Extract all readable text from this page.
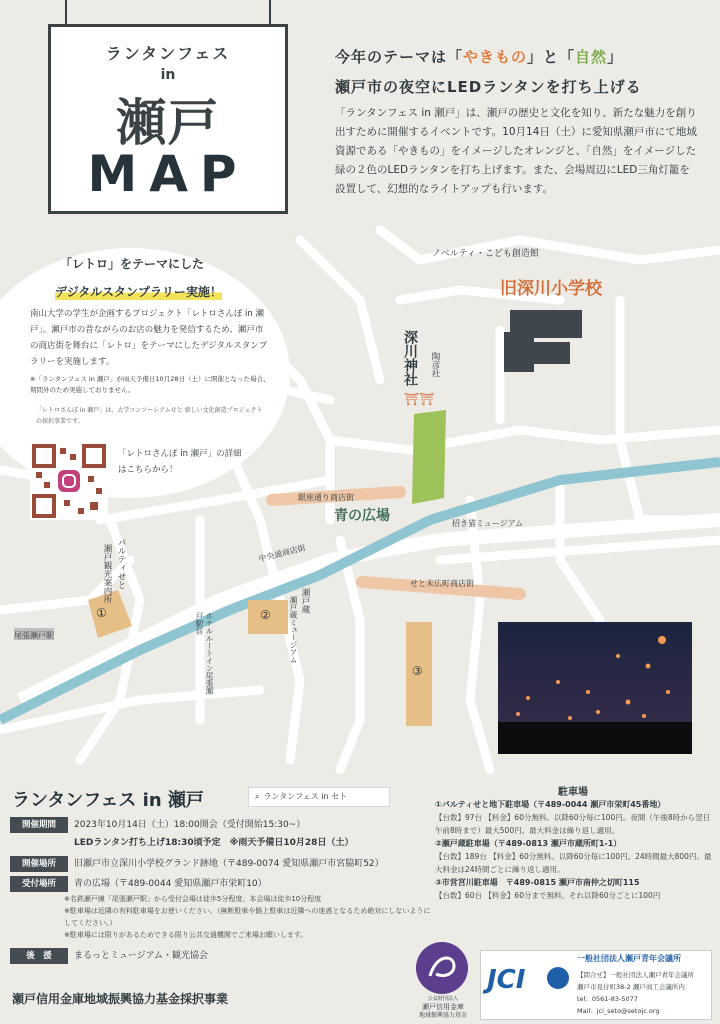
ランタンフェス
in
瀬戸
MAP
今年のテーマは「やきもの」と「自然」
瀬戸市の夜空にLEDランタンを打ち上げる
「ランタンフェス in 瀬戸」は、瀬戸の歴史と文化を知り、新たな魅力を創り出すために開催するイベントです。10月14日（土）に愛知県瀬戸市にて地域資源である「やきもの」をイメージしたオレンジと、「自然」をイメージした緑の２色のLEDランタンを打ち上げます。また、会場周辺にLED三角灯籠を設置して、幻想的なライトアップも行います。
「レトロ」をテーマにした
デジタルスタンプラリー実施！
南山大学の学生が企画するプロジェクト「レトロさんぽ in 瀬戸」。瀬戸市の昔ながらのお店の魅力を発信するため、瀬戸市の商店街を舞台に「レトロ」をテーマにしたデジタルスタンプラリーを実施します。
※「ランタンフェス in 瀬戸」が雨天予備日10月28日（土）に開催となった場合、期間外のため実施しておりません。
「レトロさんぽ in 瀬戸」は、大学コンソーシアムせと 新しい文化創造プロジェクトの採択事業です。
「レトロさんぽ in 瀬戸」の詳細はこちらから！
ノベルティ・こども創造館
旧深川小学校
深川神社 陶彦社
⛩⛩
銀座通り商店街
青の広場	招き猫ミュージアム
中央通商店街
せと末広町商店街
パルティせと
瀬戸観光案内所
尾張瀬戸駅
瀬戸川	ホテルルートイン尾張瀬戸駅前
瀬戸蔵
瀬戸蔵ミュージアム
①	②
③
ランタンフェス in 瀬戸	⌕ ランタンフェス in セト
開催期間	2023年10月14日（土）18:00開会（受付開始15:30~）
LEDランタン打ち上げ18:30頃予定　※雨天予備日10月28日（土）
開催場所	旧瀬戸市立深川小学校グランド跡地（〒489-0074 愛知県瀬戸市宮脇町52）
受付場所	青の広場（〒489-0044 愛知県瀬戸市栄町10）
※名鉄瀬戸線「尾張瀬戸駅」から受付会場は徒歩5分程度、本会場は徒歩10分程度
※駐車場は近隣の有料駐車場をお使いください。（無断駐車や路上駐車は近隣への迷惑となるため絶対にしないようにしてください。）
※駐車場には限りがあるためできる限り公共交通機関でご来場お願いします。
後　援	まるっとミュージアム・観光協会
瀬戸信用金庫地域振興協力基金採択事業
駐車場
①パルティせと地下駐車場（〒489-0044 瀬戸市栄町45番地）
【台数】97台 【料金】60分無料。以降60分毎に100円。夜間（午後8時から翌日午前8時まで）最大500円。最大料金は繰り返し適用。
②瀬戸蔵駐車場（〒489-0813 瀬戸市蔵所町1-1）
【台数】189台 【料金】60分無料。以降60分毎に100円。24時間最大800円。最大料金は24時間ごとに繰り返し適用。
③市営宮川駐車場　〒489-0815 瀬戸市南仲之切町115
【台数】60台 【料金】60分まで無料、それ以降60分ごとに100円
公益財団法人
瀬戸信用金庫
地域振興協力基金
JCI
一般社団法人瀬戸青年会議所
【問合せ】一般社団法人瀬戸青年会議所
瀬戸市見付町38-2 瀬戸商工会議所内
tel：0561-83-5077
Mail：jci_seto@setojc.org
